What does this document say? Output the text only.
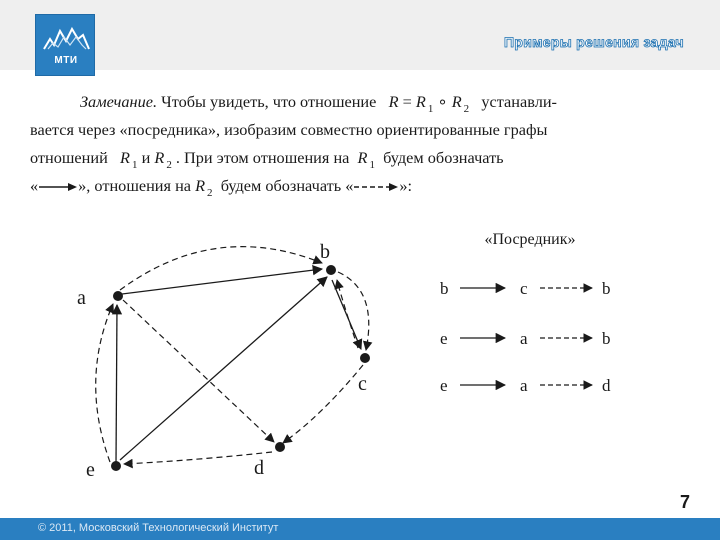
МТИ
Примеры решения задач
Замечание. Чтобы увидеть, что отношение R = R $_1$ ∘ R $_2$ устанавли-
вается через «посредника», изобразим совместно ориентированные графы
отношений R $_1$ и R $_2$ . При этом отношения на R $_1$ будем обозначать
« », отношения на R $_2$ будем обозначать «	»:
a
b
c
d
e
«Посредник»
b	c	b
e	a	b
e	a	d
7
© 2011, Московский Технологический Институт
